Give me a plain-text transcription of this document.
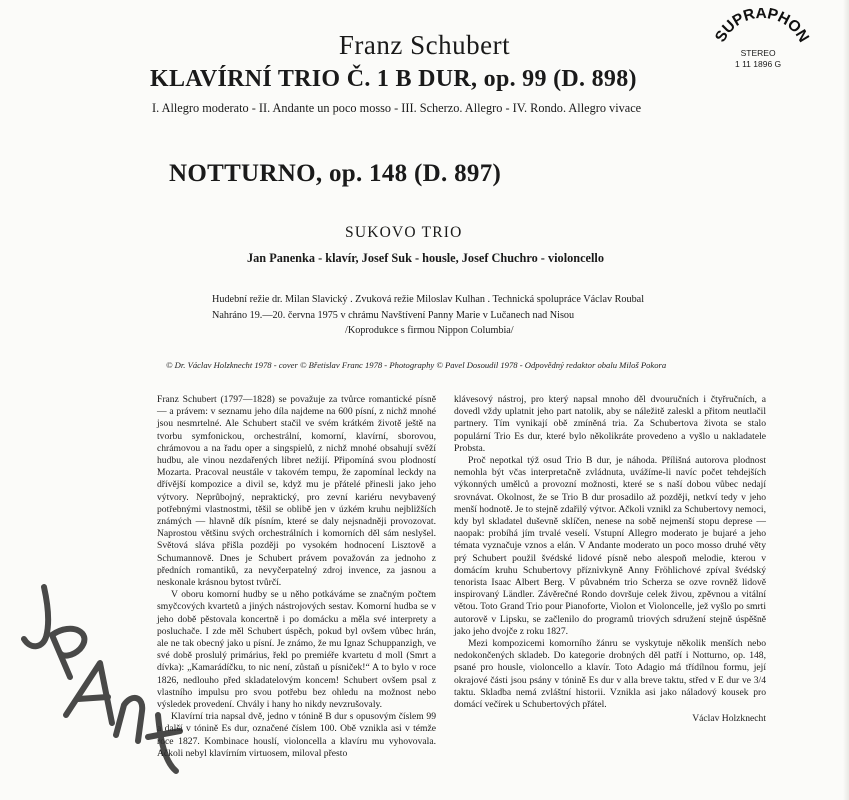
SUPRAPHON
STEREO
1 11 1896 G
Franz Schubert
KLAVÍRNÍ TRIO Č. 1 B DUR, op. 99 (D. 898)
I. Allegro moderato - II. Andante un poco mosso - III. Scherzo. Allegro - IV. Rondo. Allegro vivace
NOTTURNO, op. 148 (D. 897)
SUKOVO TRIO
Jan Panenka - klavír, Josef Suk - housle, Josef Chuchro - violoncello
Hudební režie dr. Milan Slavický . Zvuková režie Miloslav Kulhan . Technická spolupráce Václav Roubal
Nahráno 19.—20. června 1975 v chrámu Navštívení Panny Marie v Lučanech nad Nisou
/Koprodukce s firmou Nippon Columbia/
© Dr. Václav Holzknecht 1978 - cover © Břetislav Franc 1978 - Photography © Pavel Dosoudil 1978 - Odpovědný redaktor obalu Miloš Pokora

Franz Schubert (1797—1828) se považuje za tvůrce romantické písně — a právem: v seznamu jeho díla najdeme na 600 písní, z nichž mnohé jsou nesmrtelné. Ale Schubert stačil ve svém krátkém životě ještě na tvorbu symfonickou, orchestrální, komorní, klavírní, sborovou, chrámovou a na řadu oper a singspielů, z nichž mnohé obsahují svěží hudbu, ale vinou nezdařených libret nežijí. Připomíná svou plodností Mozarta. Pracoval neustále v takovém tempu, že zapomínal leckdy na dřívější kompozice a divil se, když mu je přátelé přinesli jako jeho výtvory. Neprůbojný, nepraktický, pro zevní kariéru nevybavený potřebnými vlastnostmi, těšil se oblibě jen v úzkém kruhu nejbližších známých — hlavně dík písním, které se daly nejsnadněji provozovat. Naprostou většinu svých orchestrálních i komorních děl sám neslyšel. Světová sláva přišla později po vysokém hodnocení Lisztově a Schumannově. Dnes je Schubert právem považován za jednoho z předních romantiků, za nevyčerpatelný zdroj invence, za jasnou a neskonale krásnou bytost tvůrčí.

V oboru komorní hudby se u něho potkáváme se značným počtem smyčcových kvartetů a jiných nástrojových sestav. Komorní hudba se v jeho době pěstovala koncertně i po domácku a měla své interprety a posluchače. I zde měl Schubert úspěch, pokud byl ovšem vůbec hrán, ale ne tak obecný jako u písní. Je známo, že mu Ignaz Schuppanzigh, ve své době proslulý primárius, řekl po premiéře kvartetu d moll (Smrt a dívka): „Kamarádíčku, to nic není, zůstaň u písniček!“ A to bylo v roce 1826, nedlouho před skladatelovým koncem! Schubert ovšem psal z vlastního impulsu pro svou potřebu bez ohledu na možnost nebo výsledek provedení. Chvály i hany ho nikdy nevzrušovaly.

Klavírní tria napsal dvě, jedno v tónině B dur s opusovým číslem 99 a další v tónině Es dur, označené číslem 100. Obě vznikla asi v témže roce 1827. Kombinace houslí, violoncella a klavíru mu vyhovovala. Ačkoli nebyl klavírním virtuosem, miloval přesto

klávesový nástroj, pro který napsal mnoho děl dvouručních i čtyřručních, a dovedl vždy uplatnit jeho part natolik, aby se náležitě zaleskl a přitom neutlačil partnery. Tím vynikají obě zmíněná tria. Za Schubertova života se stalo populární Trio Es dur, které bylo několikráte provedeno a vyšlo u nakladatele Probsta.

Proč nepotkal týž osud Trio B dur, je náhoda. Přílišná autorova plodnost nemohla být včas interpretačně zvládnuta, uvážíme-li navíc počet tehdejších výkonných umělců a provozní možnosti, které se s naší dobou vůbec nedají srovnávat. Okolnost, že se Trio B dur prosadilo až později, netkví tedy v jeho menší hodnotě. Je to stejně zdařilý výtvor. Ačkoli vznikl za Schubertovy nemoci, kdy byl skladatel duševně sklíčen, nenese na sobě nejmenší stopu deprese — naopak: probíhá jím trvalé veselí. Vstupní Allegro moderato je bujaré a jeho témata vyznačuje vznos a elán. V Andante moderato un poco mosso druhé věty prý Schubert použil švédské lidové písně nebo alespoň melodie, kterou v domácím kruhu Schubertovy příznivkyně Anny Fröhlichové zpíval švédský tenorista Isaac Albert Berg. V půvabném trio Scherza se ozve rovněž lidově inspirovaný Ländler. Závěrečné Rondo dovršuje celek živou, zpěvnou a vitální větou. Toto Grand Trio pour Pianoforte, Violon et Violoncelle, jež vyšlo po smrti autorově v Lipsku, se začlenilo do programů triových sdružení stejně úspěšně jako jeho dvojče z roku 1827.

Mezi kompozicemi komorního žánru se vyskytuje několik menších nebo nedokončených skladeb. Do kategorie drobných děl patří i Notturno, op. 148, psané pro housle, violoncello a klavír. Toto Adagio má třídílnou formu, její okrajové části jsou psány v tónině Es dur v alla breve taktu, střed v E dur ve 3/4 taktu. Skladba nemá zvláštní historii. Vznikla asi jako náladový kousek pro domácí večírek u Schubertových přátel.

Václav Holzknecht
